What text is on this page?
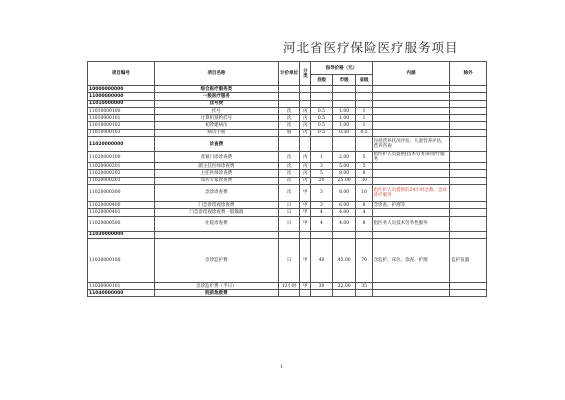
河北省医疗保险医疗服务项目
项目编号	项目名称	计价单位	分类	指导价格（元）			内涵	除外
				县级	市级	省级		
10000000000	综合医疗服务类							
11000000000	一般医疗服务							
11010000000	挂号费							
11010000100	挂号	次	丙	0.5	1.00	1		
11010000101	计算机预约挂号	次	丙	0.5	1.00	1		
11010000102	初诊建病历	次	丙	0.5	1.00	1		
11010000103	病历手册	册	丙	0.5	0.50	0.5		
11020000000	诊查费						包括营养状况评估、儿童营养评估，营养咨询	
11020000100	普通门诊诊查费	次	丙	1	2.00	5	指医护人员提供(技术劳务)的诊疗服务	
11020000201	副主任医师诊查费	次	丙	3	5.00	5		
11020000202	主任医师诊查费	次	丙	5	8.00	8		
11020000203	知名专家诊查费	次	丙	20	25.00	30		
11020000300	急诊诊查费	次	甲	3	8.00	10	指医护人员提供的24小时急救、急症诊疗服务	
11020000400	门急诊留观诊查费	日	甲	3	6.00	8	含诊查、护理等	
11020000401	门急诊留观诊查费一般输液	日	甲	4	4.00	4		
11020000500	住院诊查费	日	甲	4	4.00	8	指医务人员技术劳务性服务	
11030000000								
11030000100	急诊监护费	日	甲	40	45.00	70	含监护、床位、诊查、护理	监护仪器
11030000101	急诊监护费（半日）	12小时	甲	30	32.00	35		
11040000000	院前急救费							
1
